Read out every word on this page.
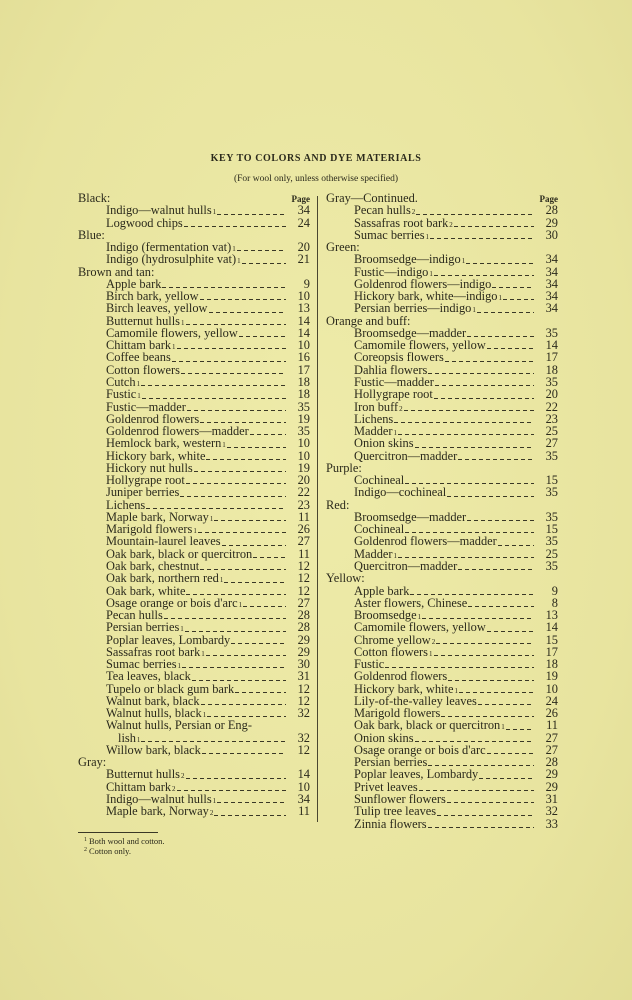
KEY TO COLORS AND DYE MATERIALS
(For wool only, unless otherwise specified)
Black:	Page
Indigo—walnut hulls 1	34
Logwood chips	24
Blue:
Indigo (fermentation vat) 1	20
Indigo (hydrosulphite vat) 1	21
Brown and tan:
Apple bark	9
Birch bark, yellow	10
Birch leaves, yellow	13
Butternut hulls 1	14
Camomile flowers, yellow	14
Chittam bark 1	10
Coffee beans	16
Cotton flowers	17
Cutch 1	18
Fustic 1	18
Fustic—madder	35
Goldenrod flowers	19
Goldenrod flowers—madder	35
Hemlock bark, western 1	10
Hickory bark, white	10
Hickory nut hulls	19
Hollygrape root	20
Juniper berries	22
Lichens	23
Maple bark, Norway 1	11
Marigold flowers 1	26
Mountain-laurel leaves	27
Oak bark, black or quercitron	11
Oak bark, chestnut	12
Oak bark, northern red 1	12
Oak bark, white	12
Osage orange or bois d'arc 1	27
Pecan hulls	28
Persian berries 1	28
Poplar leaves, Lombardy	29
Sassafras root bark 1	29
Sumac berries 1	30
Tea leaves, black	31
Tupelo or black gum bark	12
Walnut bark, black	12
Walnut hulls, black 1	32
Walnut hulls, Persian or Eng-
lish 1	32
Willow bark, black	12
Gray:
Butternut hulls 2	14
Chittam bark 2	10
Indigo—walnut hulls 1	34
Maple bark, Norway 2	11
Gray—Continued.	Page
Pecan hulls 2	28
Sassafras root bark 2	29
Sumac berries 1	30
Green:
Broomsedge—indigo 1	34
Fustic—indigo 1	34
Goldenrod flowers—indigo	34
Hickory bark, white—indigo 1	34
Persian berries—indigo 1	34
Orange and buff:
Broomsedge—madder	35
Camomile flowers, yellow	14
Coreopsis flowers	17
Dahlia flowers	18
Fustic—madder	35
Hollygrape root	20
Iron buff 2	22
Lichens	23
Madder 1	25
Onion skins	27
Quercitron—madder	35
Purple:
Cochineal	15
Indigo—cochineal	35
Red:
Broomsedge—madder	35
Cochineal	15
Goldenrod flowers—madder	35
Madder 1	25
Quercitron—madder	35
Yellow:
Apple bark	9
Aster flowers, Chinese	8
Broomsedge 1	13
Camomile flowers, yellow	14
Chrome yellow 2	15
Cotton flowers 1	17
Fustic	18
Goldenrod flowers	19
Hickory bark, white 1	10
Lily-of-the-valley leaves	24
Marigold flowers	26
Oak bark, black or quercitron 1	11
Onion skins	27
Osage orange or bois d'arc	27
Persian berries	28
Poplar leaves, Lombardy	29
Privet leaves	29
Sunflower flowers	31
Tulip tree leaves	32
Zinnia flowers	33
$^1$ Both wool and cotton.
$^2$ Cotton only.
